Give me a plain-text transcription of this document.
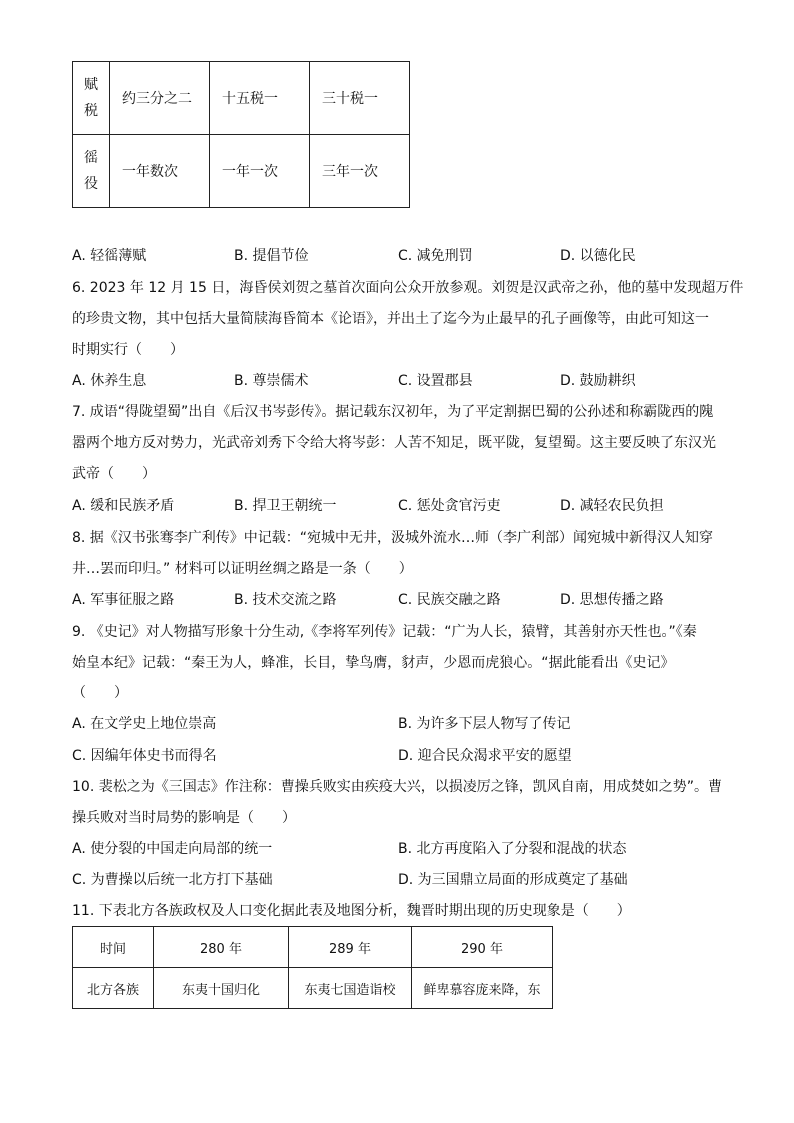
赋
税	约三分之二	十五税一	三十税一

徭
役	一年数次	一年一次	三年一次
A. 轻徭薄赋	B. 提倡节俭	C. 减免刑罚	D. 以德化民
6. 2023 年 12 月 15 日，海昏侯刘贺之墓首次面向公众开放参观。刘贺是汉武帝之孙，他的墓中发现超万件
的珍贵文物，其中包括大量简牍海昏简本《论语》，并出土了迄今为止最早的孔子画像等，由此可知这一
时期实行（　　）
A. 休养生息	B. 尊崇儒术	C. 设置郡县	D. 鼓励耕织
7. 成语“得陇望蜀”出自《后汉书岑彭传》。据记载东汉初年，为了平定割据巴蜀的公孙述和称霸陇西的隗
嚣两个地方反对势力，光武帝刘秀下令给大将岑彭：人苦不知足，既平陇，复望蜀。这主要反映了东汉光
武帝（　　）
A. 缓和民族矛盾	B. 捍卫王朝统一	C. 惩处贪官污吏	D. 减轻农民负担
8. 据《汉书张骞李广利传》中记载：“宛城中无井，汲城外流水…师（李广利部）闻宛城中新得汉人知穿
井…罢而印归。” 材料可以证明丝绸之路是一条（　　）
A. 军事征服之路	B. 技术交流之路	C. 民族交融之路	D. 思想传播之路
9. 《史记》对人物描写形象十分生动,《李将军列传》记载：“广为人长，猿臂，其善射亦天性也。”《秦
始皇本纪》记载：“秦王为人，蜂准，长目，挚鸟膺，豺声，少恩而虎狼心。“据此能看出《史记》
（　　）
A. 在文学史上地位崇高	B. 为许多下层人物写了传记
C. 因编年体史书而得名	D. 迎合民众渴求平安的愿望
10. 裴松之为《三国志》作注称：曹操兵败实由疾疫大兴，以损凌厉之锋，凯风自南，用成焚如之势”。曹
操兵败对当时局势的影响是（　　）
A. 使分裂的中国走向局部的统一	B. 北方再度陷入了分裂和混战的状态
C. 为曹操以后统一北方打下基础	D. 为三国鼎立局面的形成奠定了基础
11. 下表北方各族政权及人口变化据此表及地图分析，魏晋时期出现的历史现象是（　　）
时间	280 年	289 年	290 年
北方各族	东夷十国归化	东夷七国造诣校	鲜卑慕容庞来降，东
